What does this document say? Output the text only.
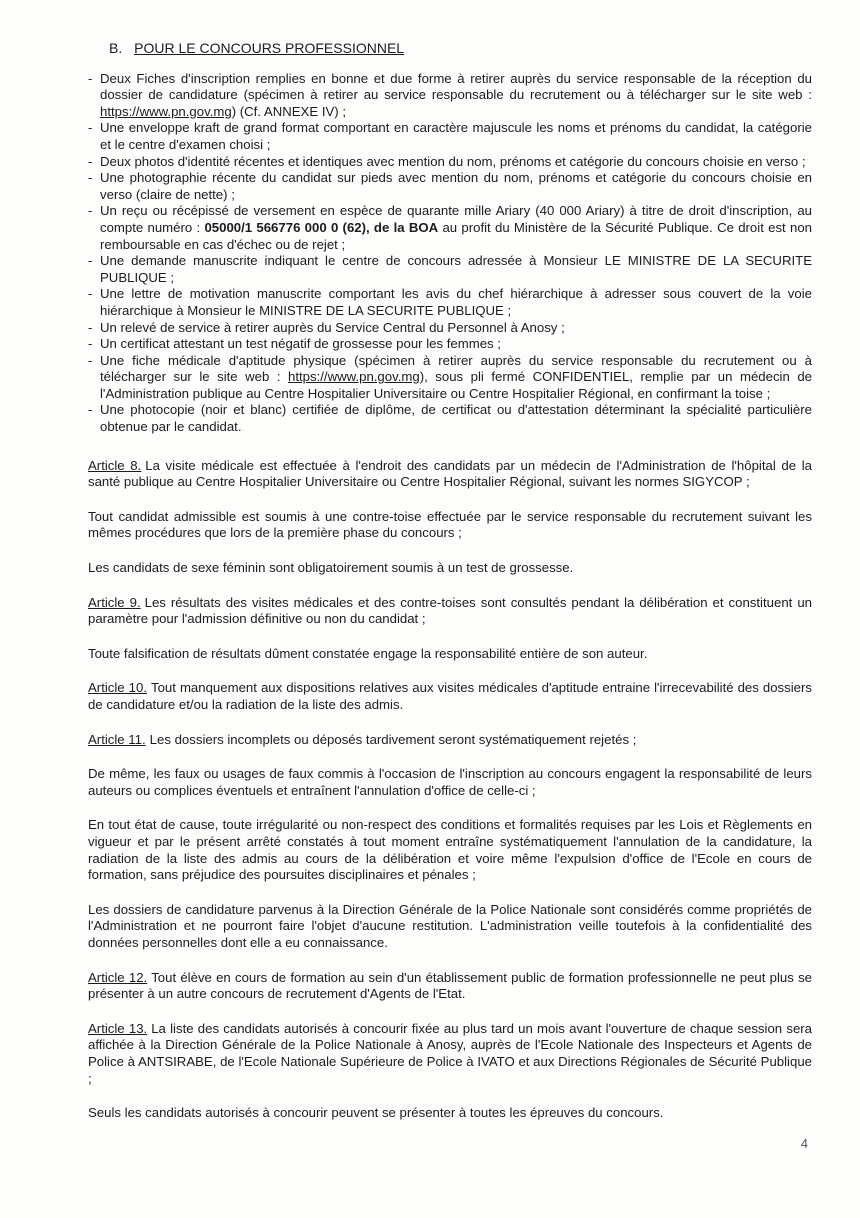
B. POUR LE CONCOURS PROFESSIONNEL
- Deux Fiches d'inscription remplies en bonne et due forme à retirer auprès du service responsable de la réception du dossier de candidature (spécimen à retirer au service responsable du recrutement ou à télécharger sur le site web : https://www.pn.gov.mg) (Cf. ANNEXE IV) ;
- Une enveloppe kraft de grand format comportant en caractère majuscule les noms et prénoms du candidat, la catégorie et le centre d'examen choisi ;
- Deux photos d'identité récentes et identiques avec mention du nom, prénoms et catégorie du concours choisie en verso ;
- Une photographie récente du candidat sur pieds avec mention du nom, prénoms et catégorie du concours choisie en verso (claire de nette) ;
- Un reçu ou récépissé de versement en espèce de quarante mille Ariary (40 000 Ariary) à titre de droit d'inscription, au compte numéro : 05000/1 566776 000 0 (62), de la BOA au profit du Ministère de la Sécurité Publique. Ce droit est non remboursable en cas d'échec ou de rejet ;
- Une demande manuscrite indiquant le centre de concours adressée à Monsieur LE MINISTRE DE LA SECURITE PUBLIQUE ;
- Une lettre de motivation manuscrite comportant les avis du chef hiérarchique à adresser sous couvert de la voie hiérarchique à Monsieur le MINISTRE DE LA SECURITE PUBLIQUE ;
- Un relevé de service à retirer auprès du Service Central du Personnel à Anosy ;
- Un certificat attestant un test négatif de grossesse pour les femmes ;
- Une fiche médicale d'aptitude physique (spécimen à retirer auprès du service responsable du recrutement ou à télécharger sur le site web : https://www.pn.gov.mg), sous pli fermé CONFIDENTIEL, remplie par un médecin de l'Administration publique au Centre Hospitalier Universitaire ou Centre Hospitalier Régional, en confirmant la toise ;
- Une photocopie (noir et blanc) certifiée de diplôme, de certificat ou d'attestation déterminant la spécialité particulière obtenue par le candidat.

Article 8. La visite médicale est effectuée à l'endroit des candidats par un médecin de l'Administration de l'hôpital de la santé publique au Centre Hospitalier Universitaire ou Centre Hospitalier Régional, suivant les normes SIGYCOP ;

Tout candidat admissible est soumis à une contre-toise effectuée par le service responsable du recrutement suivant les mêmes procédures que lors de la première phase du concours ;

Les candidats de sexe féminin sont obligatoirement soumis à un test de grossesse.

Article 9. Les résultats des visites médicales et des contre-toises sont consultés pendant la délibération et constituent un paramètre pour l'admission définitive ou non du candidat ;

Toute falsification de résultats dûment constatée engage la responsabilité entière de son auteur.

Article 10. Tout manquement aux dispositions relatives aux visites médicales d'aptitude entraine l'irrecevabilité des dossiers de candidature et/ou la radiation de la liste des admis.

Article 11. Les dossiers incomplets ou déposés tardivement seront systématiquement rejetés ;

De même, les faux ou usages de faux commis à l'occasion de l'inscription au concours engagent la responsabilité de leurs auteurs ou complices éventuels et entraînent l'annulation d'office de celle-ci ;

En tout état de cause, toute irrégularité ou non-respect des conditions et formalités requises par les Lois et Règlements en vigueur et par le présent arrêté constatés à tout moment entraîne systématiquement l'annulation de la candidature, la radiation de la liste des admis au cours de la délibération et voire même l'expulsion d'office de l'Ecole en cours de formation, sans préjudice des poursuites disciplinaires et pénales ;

Les dossiers de candidature parvenus à la Direction Générale de la Police Nationale sont considérés comme propriétés de l'Administration et ne pourront faire l'objet d'aucune restitution. L'administration veille toutefois à la confidentialité des données personnelles dont elle a eu connaissance.

Article 12. Tout élève en cours de formation au sein d'un établissement public de formation professionnelle ne peut plus se présenter à un autre concours de recrutement d'Agents de l'Etat.

Article 13. La liste des candidats autorisés à concourir fixée au plus tard un mois avant l'ouverture de chaque session sera affichée à la Direction Générale de la Police Nationale à Anosy, auprès de l'Ecole Nationale des Inspecteurs et Agents de Police à ANTSIRABE, de l'Ecole Nationale Supérieure de Police à IVATO et aux Directions Régionales de Sécurité Publique ;

Seuls les candidats autorisés à concourir peuvent se présenter à toutes les épreuves du concours.

4
